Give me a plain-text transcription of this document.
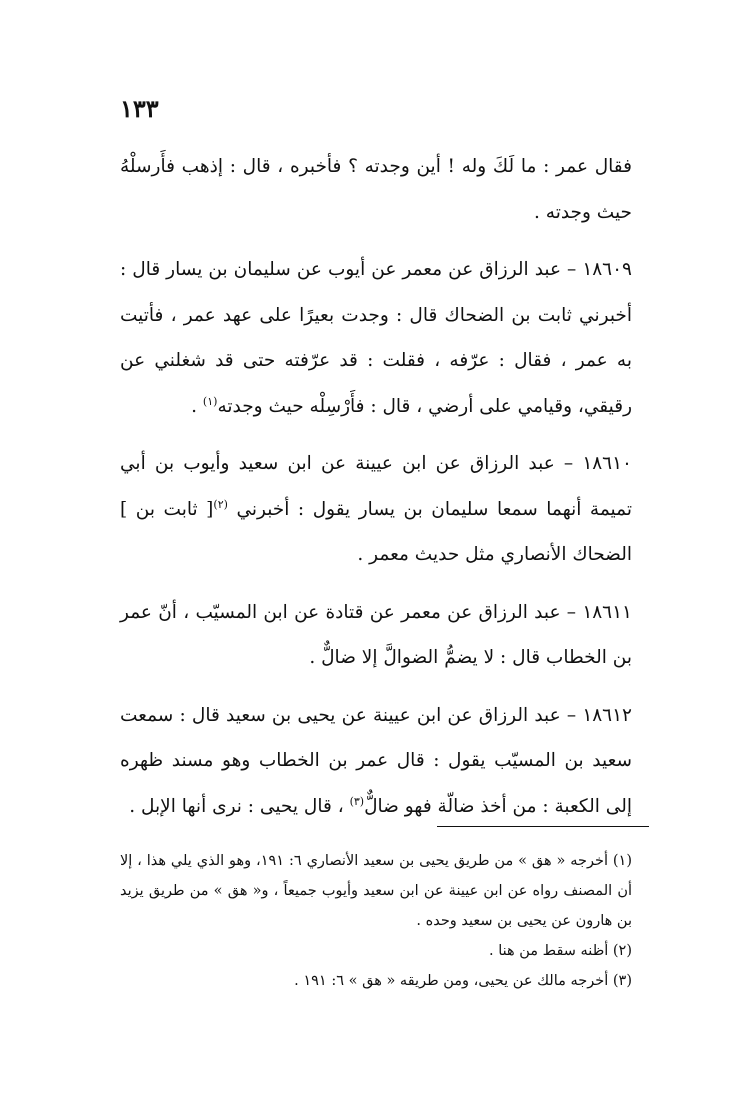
١٣٣

فقال عمر : ما لَكَ وله ! أين وجدته ؟ فأخبره ، قال : إذهب فأَرسلْهُ حيث وجدته .

١٨٦٠٩ – عبد الرزاق عن معمر عن أيوب عن سليمان بن يسار قال : أخبرني ثابت بن الضحاك قال : وجدت بعيرًا على عهد عمر ، فأتيت به عمر ، فقال : عرّفه ، فقلت : قد عرّفته حتى قد شغلني عن رقيقي، وقيامي على أرضي ، قال : فأَرْسِلْه حيث وجدته$^{(١)}$ .

١٨٦١٠ – عبد الرزاق عن ابن عيينة عن ابن سعيد وأيوب بن أبي تميمة أنهما سمعا سليمان بن يسار يقول : أخبرني $^{(٢)}$[ ثابت بن ] الضحاك الأنصاري مثل حديث معمر .

١٨٦١١ – عبد الرزاق عن معمر عن قتادة عن ابن المسيّب ، أنّ عمر بن الخطاب قال : لا يضمُّ الضوالَّ إلا ضالٌّ .

١٨٦١٢ – عبد الرزاق عن ابن عيينة عن يحيى بن سعيد قال : سمعت سعيد بن المسيّب يقول : قال عمر بن الخطاب وهو مسند ظهره إلى الكعبة : من أخذ ضالّة فهو ضالٌّ$^{(٣)}$ ، قال يحيى : نرى أنها الإبل .

(١) أخرجه « هق » من طريق يحيى بن سعيد الأنصاري ٦: ١٩١، وهو الذي يلي هذا ، إلا أن المصنف رواه عن ابن عيينة عن ابن سعيد وأيوب جميعاً ، و« هق » من طريق يزيد بن هارون عن يحيى بن سعيد وحده .

(٢) أظنه سقط من هنا .

(٣) أخرجه مالك عن يحيى، ومن طريقه « هق » ٦: ١٩١ .
